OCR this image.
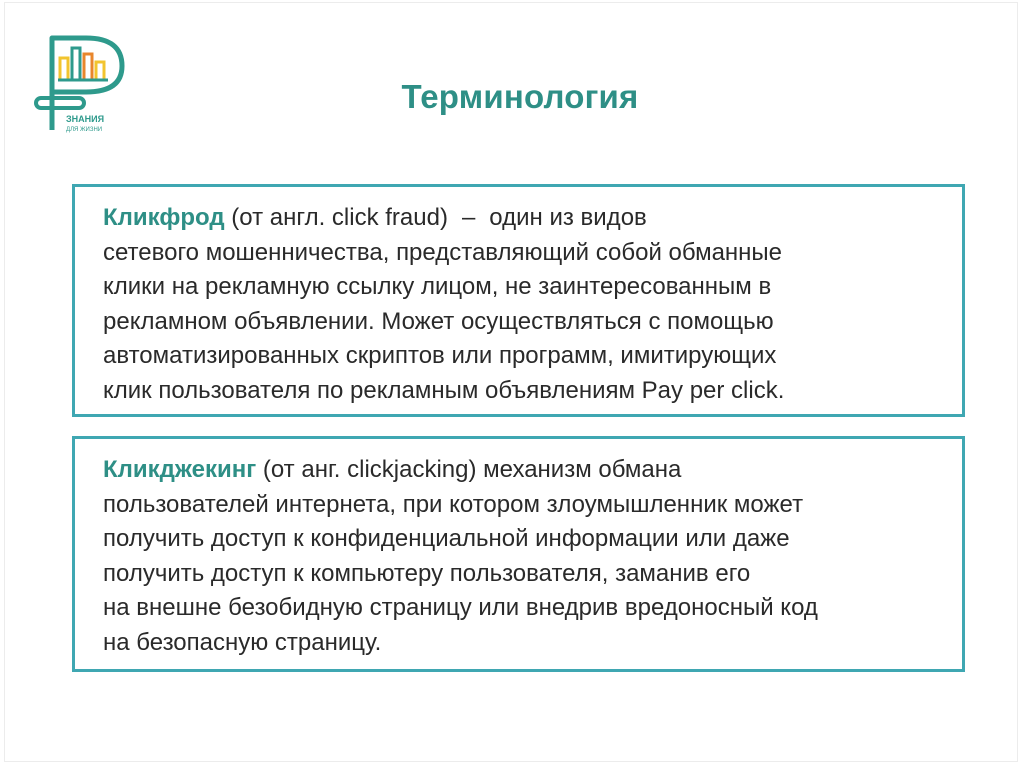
ЗНАНИЯ
ДЛЯ ЖИЗНИ
Терминология
Кликфрод (от англ. click fraud) – один из видов
сетевого мошенничества, представляющий собой обманные
клики на рекламную ссылку лицом, не заинтересованным в
рекламном объявлении. Может осуществляться с помощью
автоматизированных скриптов или программ, имитирующих
клик пользователя по рекламным объявлениям Pay per click.
Кликджекинг (от анг. clickjacking) механизм обмана
пользователей интернета, при котором злоумышленник может
получить доступ к конфиденциальной информации или даже
получить доступ к компьютеру пользователя, заманив его
на внешне безобидную страницу или внедрив вредоносный код
на безопасную страницу.
